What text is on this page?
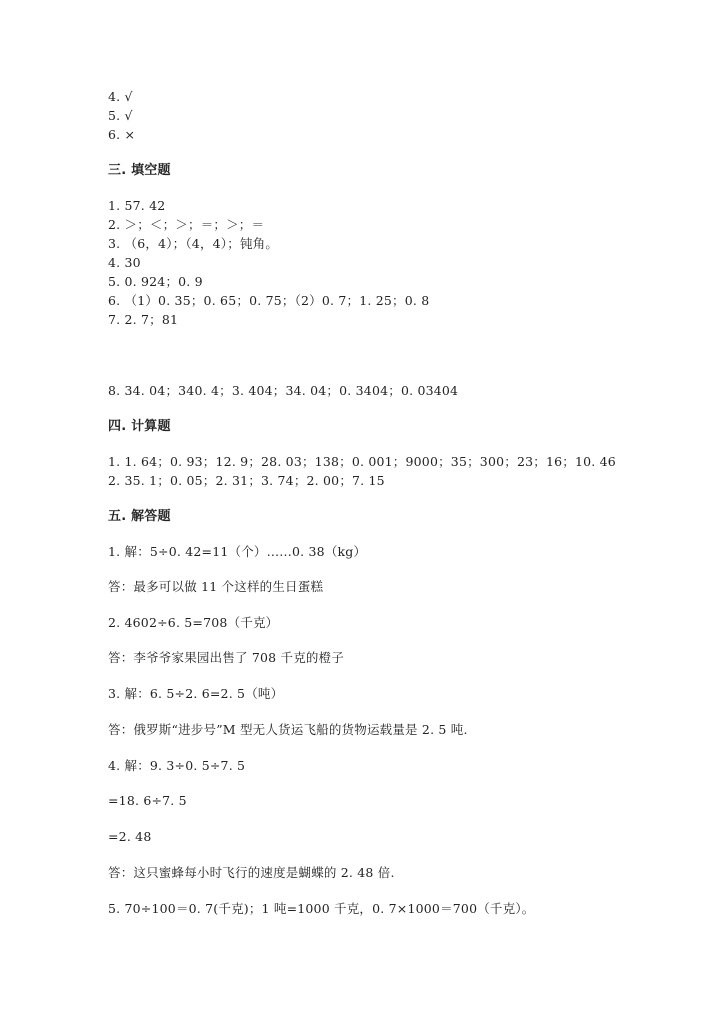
4. √
5. √
6. ×
三. 填空题
1. 57. 42
2. ＞；＜；＞；＝；＞；＝
3. （6，4）；（4，4）；钝角。
4. 30
5. 0. 924；0. 9
6. （1）0. 35；0. 65；0. 75；（2）0. 7；1. 25；0. 8
7. 2. 7；81
8. 34. 04；340. 4；3. 404；34. 04；0. 3404；0. 03404
四. 计算题
1. 1. 64；0. 93；12. 9；28. 03；138；0. 001；9000；35；300；23；16；10. 46
2. 35. 1；0. 05；2. 31；3. 74；2. 00；7. 15
五. 解答题
1. 解：5÷0. 42=11（个）……0. 38（kg）
答：最多可以做 11 个这样的生日蛋糕
2. 4602÷6. 5=708（千克）
答：李爷爷家果园出售了 708 千克的橙子
3. 解：6. 5÷2. 6=2. 5（吨）
答：俄罗斯“进步号”M 型无人货运飞船的货物运载量是 2. 5 吨.
4. 解：9. 3÷0. 5÷7. 5
=18. 6÷7. 5
=2. 48
答：这只蜜蜂每小时飞行的速度是蝴蝶的 2. 48 倍.
5. 70÷100＝0. 7(千克)；1 吨=1000 千克，0. 7×1000＝700（千克）。
